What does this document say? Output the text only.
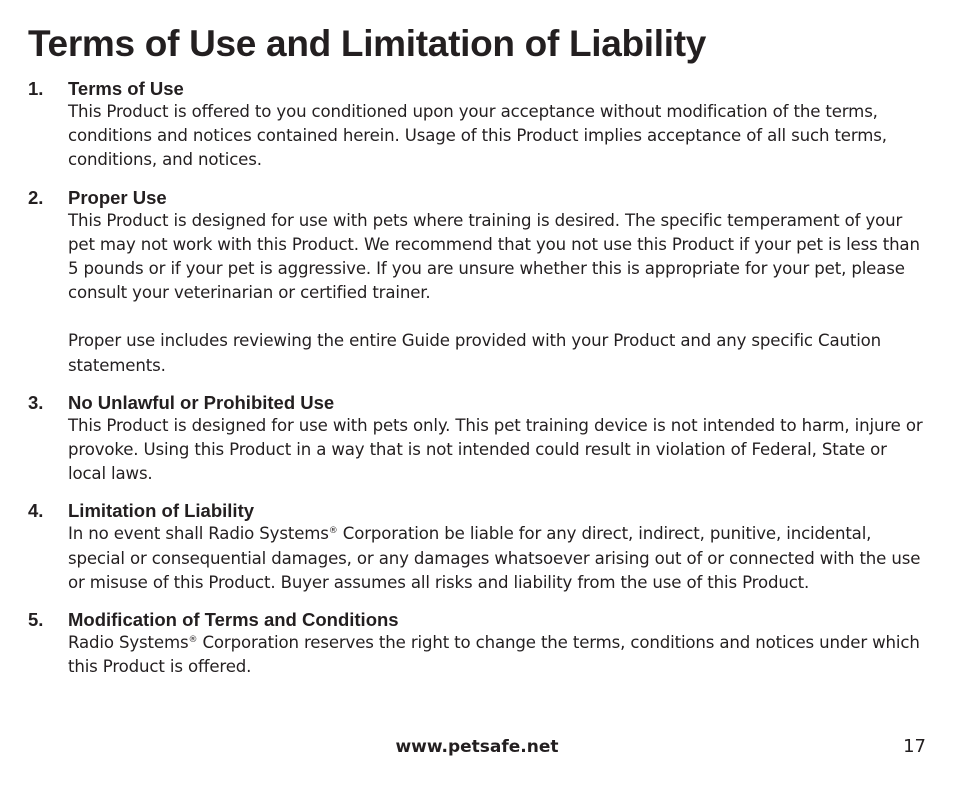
Terms of Use and Limitation of Liability
1.	Terms of Use

This Product is offered to you conditioned upon your acceptance without modification of the terms, conditions and notices contained herein. Usage of this Product implies acceptance of all such terms, conditions, and notices.

2.	Proper Use

This Product is designed for use with pets where training is desired. The specific temperament of your pet may not work with this Product. We recommend that you not use this Product if your pet is less than 5 pounds or if your pet is aggressive. If you are unsure whether this is appropriate for your pet, please consult your veterinarian or certified trainer.

Proper use includes reviewing the entire Guide provided with your Product and any specific Caution statements.

3.	No Unlawful or Prohibited Use

This Product is designed for use with pets only. This pet training device is not intended to harm, injure or provoke. Using this Product in a way that is not intended could result in violation of Federal, State or local laws.

4.	Limitation of Liability

In no event shall Radio Systems® Corporation be liable for any direct, indirect, punitive, incidental, special or consequential damages, or any damages whatsoever arising out of or connected with the use or misuse of this Product. Buyer assumes all risks and liability from the use of this Product.

5.	Modification of Terms and Conditions

Radio Systems® Corporation reserves the right to change the terms, conditions and notices under which this Product is offered.

www.petsafe.net	17
